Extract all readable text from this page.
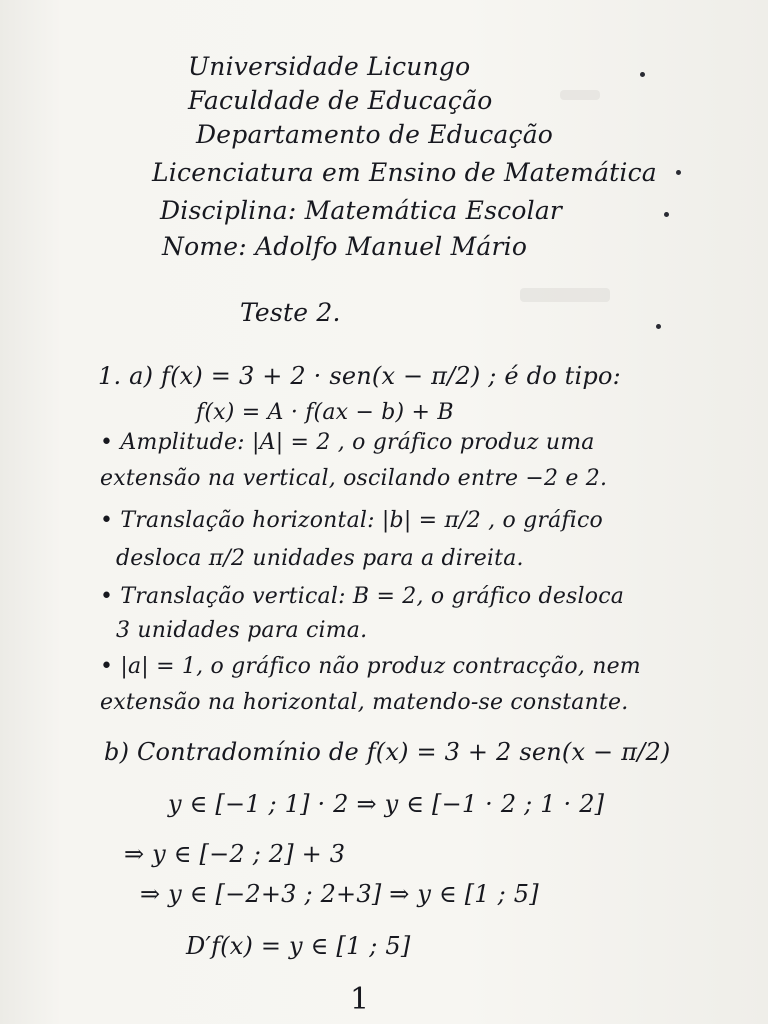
Universidade Licungo
Faculdade de Educação
Departamento de Educação
Licenciatura em Ensino de Matemática
Disciplina: Matemática Escolar
Nome: Adolfo Manuel Mário
Teste 2.
1. a) f(x) = 3 + 2 · sen(x − π/2) ; é do tipo:
f(x) = A · f(ax − b) + B
• Amplitude: |A| = 2 , o gráfico produz uma
extensão na vertical, oscilando entre −2 e 2.
• Translação horizontal: |b| = π/2 , o gráfico
desloca π/2 unidades para a direita.
• Translação vertical: B = 2, o gráfico desloca
3 unidades para cima.
• |a| = 1, o gráfico não produz contracção, nem
extensão na horizontal, matendo-se constante.
b) Contradomínio de f(x) = 3 + 2 sen(x − π/2)
y ∈ [−1 ; 1] · 2 ⇒ y ∈ [−1 · 2 ; 1 · 2]
⇒ y ∈ [−2 ; 2] + 3
⇒ y ∈ [−2+3 ; 2+3] ⇒ y ∈ [1 ; 5]
D′f(x) = y ∈ [1 ; 5]
1
